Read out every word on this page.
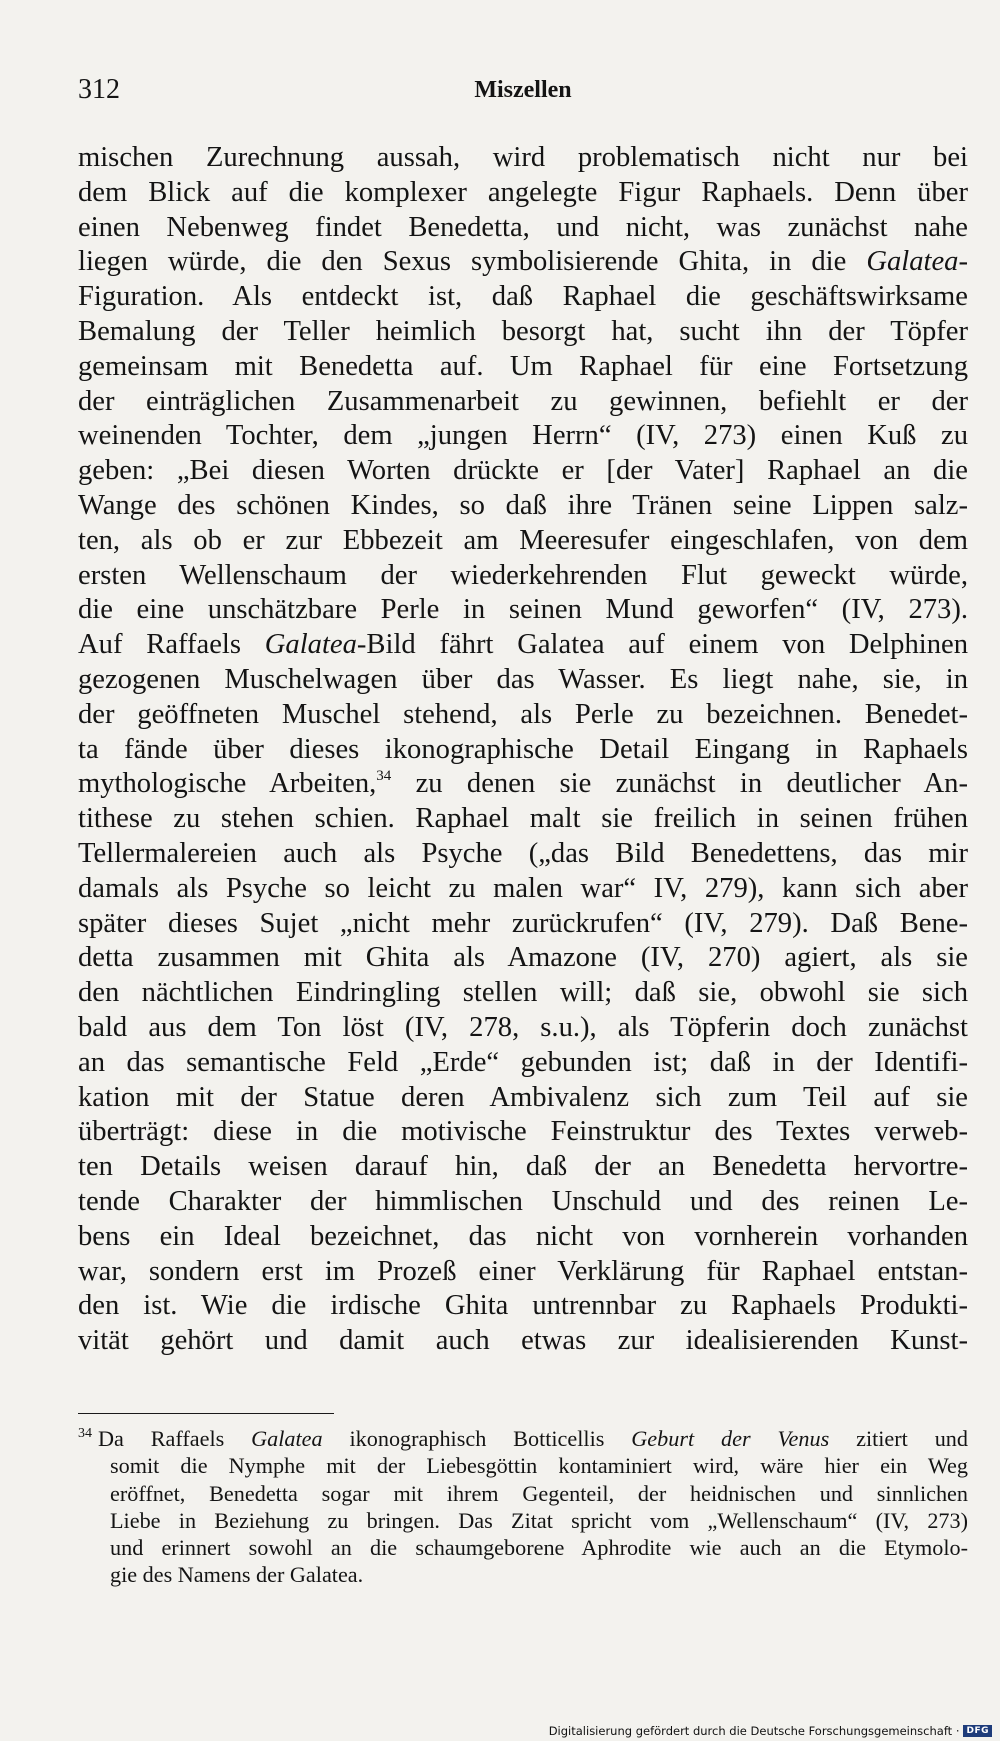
312	Miszellen
mischen Zurechnung aussah, wird problematisch nicht nur bei
dem Blick auf die komplexer angelegte Figur Raphaels. Denn über
einen Nebenweg findet Benedetta, und nicht, was zunächst nahe
liegen würde, die den Sexus symbolisierende Ghita, in die Galatea-
Figuration. Als entdeckt ist, daß Raphael die geschäftswirksame
Bemalung der Teller heimlich besorgt hat, sucht ihn der Töpfer
gemeinsam mit Benedetta auf. Um Raphael für eine Fortsetzung
der einträglichen Zusammenarbeit zu gewinnen, befiehlt er der
weinenden Tochter, dem „jungen Herrn“ (IV, 273) einen Kuß zu
geben: „Bei diesen Worten drückte er [der Vater] Raphael an die
Wange des schönen Kindes, so daß ihre Tränen seine Lippen salz-
ten, als ob er zur Ebbezeit am Meeresufer eingeschlafen, von dem
ersten Wellenschaum der wiederkehrenden Flut geweckt würde,
die eine unschätzbare Perle in seinen Mund geworfen“ (IV, 273).
Auf Raffaels Galatea-Bild fährt Galatea auf einem von Delphinen
gezogenen Muschelwagen über das Wasser. Es liegt nahe, sie, in
der geöffneten Muschel stehend, als Perle zu bezeichnen. Benedet-
ta fände über dieses ikonographische Detail Eingang in Raphaels
mythologische Arbeiten,$^{34}$ zu denen sie zunächst in deutlicher An-
tithese zu stehen schien. Raphael malt sie freilich in seinen frühen
Tellermalereien auch als Psyche („das Bild Benedettens, das mir
damals als Psyche so leicht zu malen war“ IV, 279), kann sich aber
später dieses Sujet „nicht mehr zurückrufen“ (IV, 279). Daß Bene-
detta zusammen mit Ghita als Amazone (IV, 270) agiert, als sie
den nächtlichen Eindringling stellen will; daß sie, obwohl sie sich
bald aus dem Ton löst (IV, 278, s.u.), als Töpferin doch zunächst
an das semantische Feld „Erde“ gebunden ist; daß in der Identifi-
kation mit der Statue deren Ambivalenz sich zum Teil auf sie
überträgt: diese in die motivische Feinstruktur des Textes verweb-
ten Details weisen darauf hin, daß der an Benedetta hervortre-
tende Charakter der himmlischen Unschuld und des reinen Le-
bens ein Ideal bezeichnet, das nicht von vornherein vorhanden
war, sondern erst im Prozeß einer Verklärung für Raphael entstan-
den ist. Wie die irdische Ghita untrennbar zu Raphaels Produkti-
vität gehört und damit auch etwas zur idealisierenden Kunst-
$^{34}$ Da Raffaels Galatea ikonographisch Botticellis Geburt der Venus zitiert und
somit die Nymphe mit der Liebesgöttin kontaminiert wird, wäre hier ein Weg
eröffnet, Benedetta sogar mit ihrem Gegenteil, der heidnischen und sinnlichen
Liebe in Beziehung zu bringen. Das Zitat spricht vom „Wellenschaum“ (IV, 273)
und erinnert sowohl an die schaumgeborene Aphrodite wie auch an die Etymolo-
gie des Namens der Galatea.
Digitalisierung gefördert durch die Deutsche Forschungsgemeinschaft · DFG
